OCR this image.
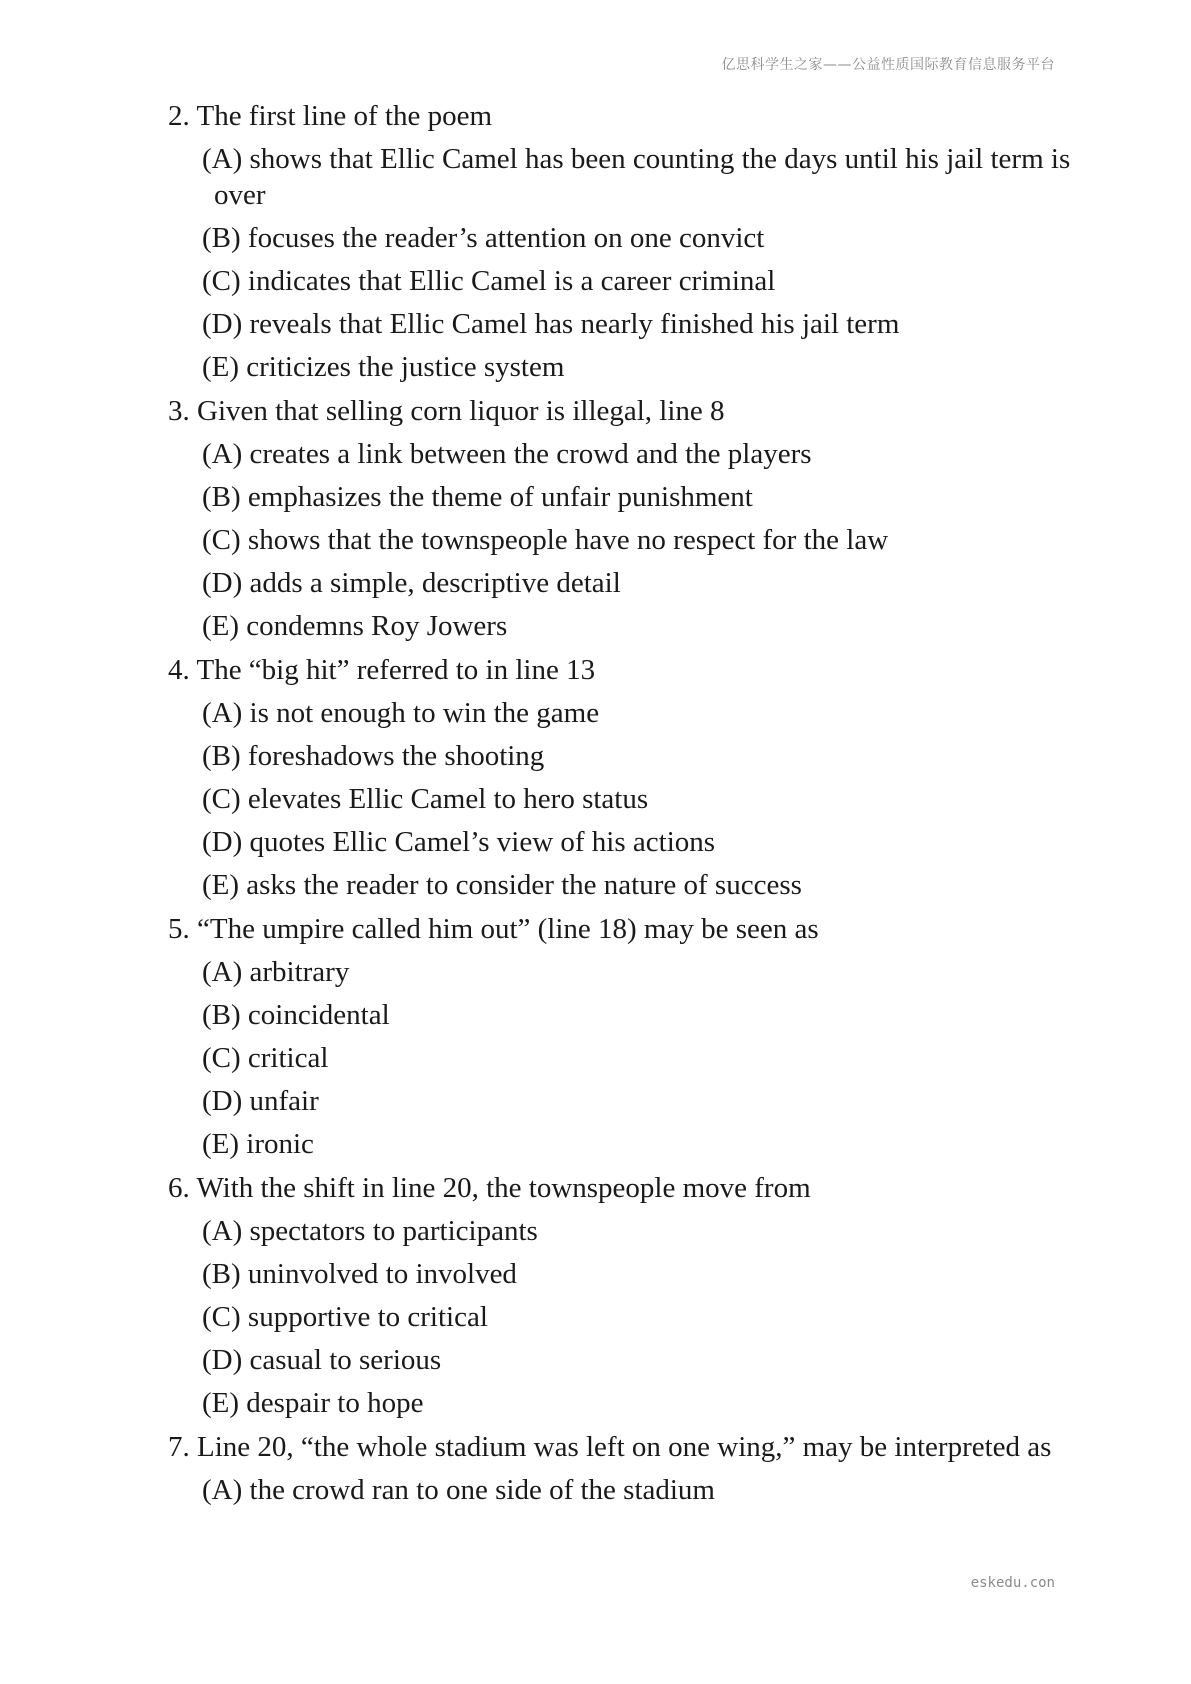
亿思科学生之家——公益性质国际教育信息服务平台
2. The first line of the poem
(A) shows that Ellic Camel has been counting the days until his jail term is over
(B) focuses the reader’s attention on one convict
(C) indicates that Ellic Camel is a career criminal
(D) reveals that Ellic Camel has nearly finished his jail term
(E) criticizes the justice system
3. Given that selling corn liquor is illegal, line 8
(A) creates a link between the crowd and the players
(B) emphasizes the theme of unfair punishment
(C) shows that the townspeople have no respect for the law
(D) adds a simple, descriptive detail
(E) condemns Roy Jowers
4. The “big hit” referred to in line 13
(A) is not enough to win the game
(B) foreshadows the shooting
(C) elevates Ellic Camel to hero status
(D) quotes Ellic Camel’s view of his actions
(E) asks the reader to consider the nature of success
5. “The umpire called him out” (line 18) may be seen as
(A) arbitrary
(B) coincidental
(C) critical
(D) unfair
(E) ironic
6. With the shift in line 20, the townspeople move from
(A) spectators to participants
(B) uninvolved to involved
(C) supportive to critical
(D) casual to serious
(E) despair to hope
7. Line 20, “the whole stadium was left on one wing,” may be interpreted as
(A) the crowd ran to one side of the stadium
eskedu.con
